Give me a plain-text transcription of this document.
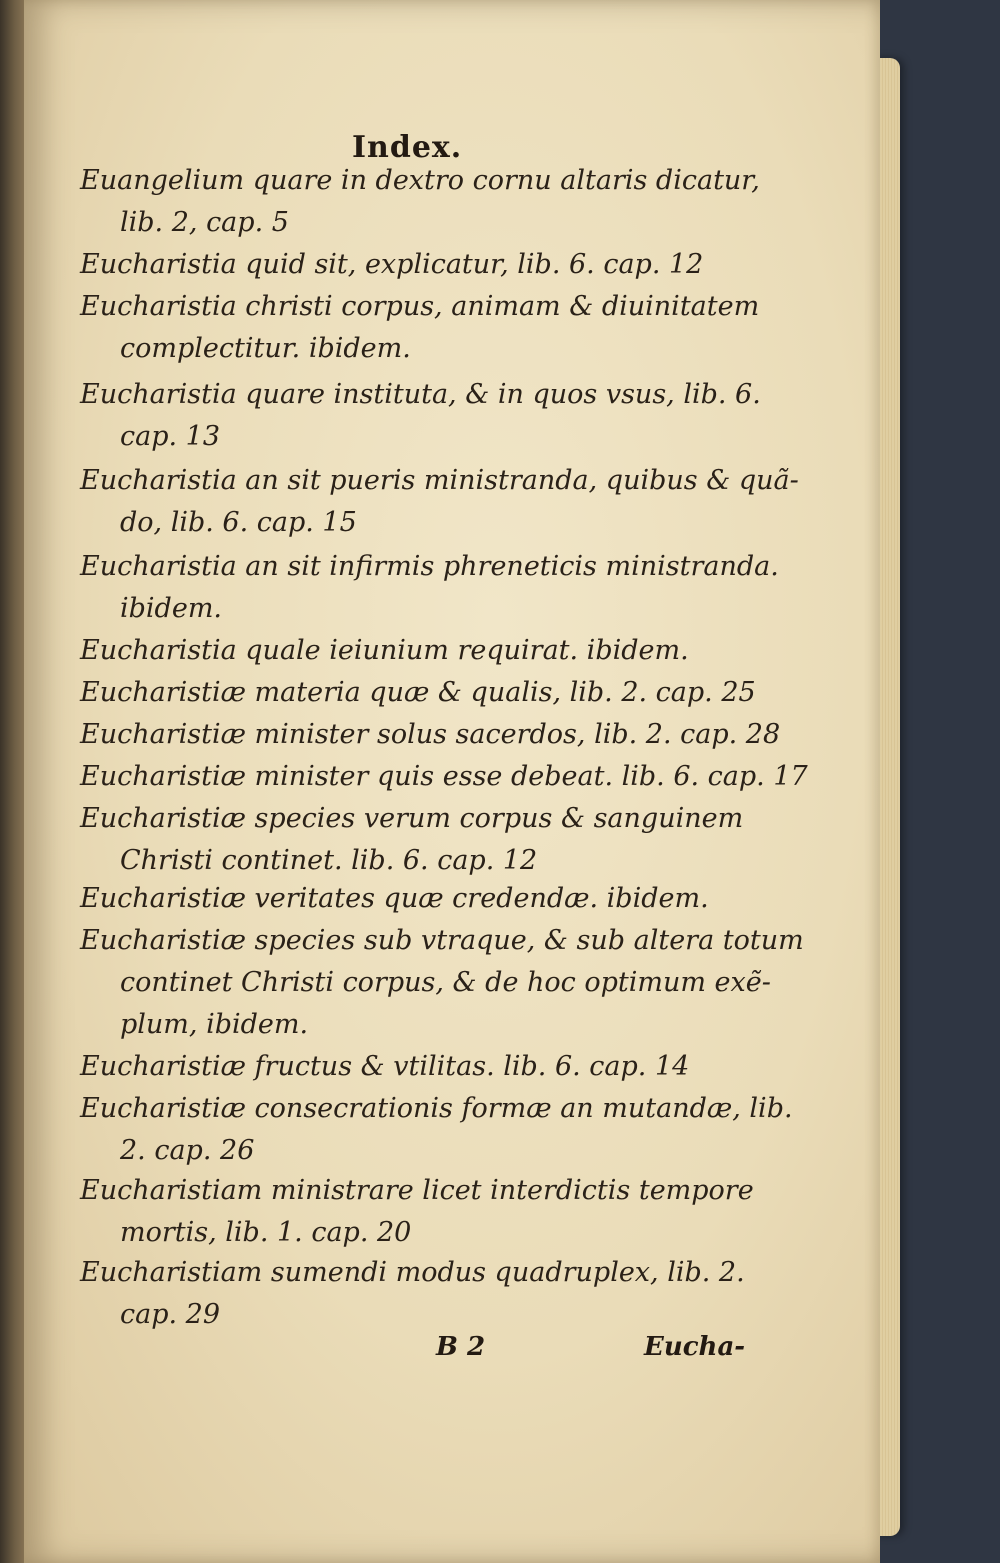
Index.
Euangelium quare in dextro cornu altaris dicatur,
lib. 2, cap. 5
Eucharistia quid sit, explicatur, lib. 6. cap. 12
Eucharistia christi corpus, animam & diuinitatem
complectitur. ibidem.
Eucharistia quare instituta, & in quos vsus, lib. 6.
cap. 13
Eucharistia an sit pueris ministranda, quibus & quã-
do, lib. 6. cap. 15
Eucharistia an sit infirmis phreneticis ministranda.
ibidem.
Eucharistia quale ieiunium requirat. ibidem.
Eucharistiæ materia quæ & qualis, lib. 2. cap. 25
Eucharistiæ minister solus sacerdos, lib. 2. cap. 28
Eucharistiæ minister quis esse debeat. lib. 6. cap. 17
Eucharistiæ species verum corpus & sanguinem
Christi continet. lib. 6. cap. 12
Eucharistiæ veritates quæ credendæ. ibidem.
Eucharistiæ species sub vtraque, & sub altera totum
continet Christi corpus, & de hoc optimum exẽ-
plum, ibidem.
Eucharistiæ fructus & vtilitas. lib. 6. cap. 14
Eucharistiæ consecrationis formæ an mutandæ, lib.
2. cap. 26
Eucharistiam ministrare licet interdictis tempore
mortis, lib. 1. cap. 20
Eucharistiam sumendi modus quadruplex, lib. 2.
cap. 29
B 2	Eucha-
